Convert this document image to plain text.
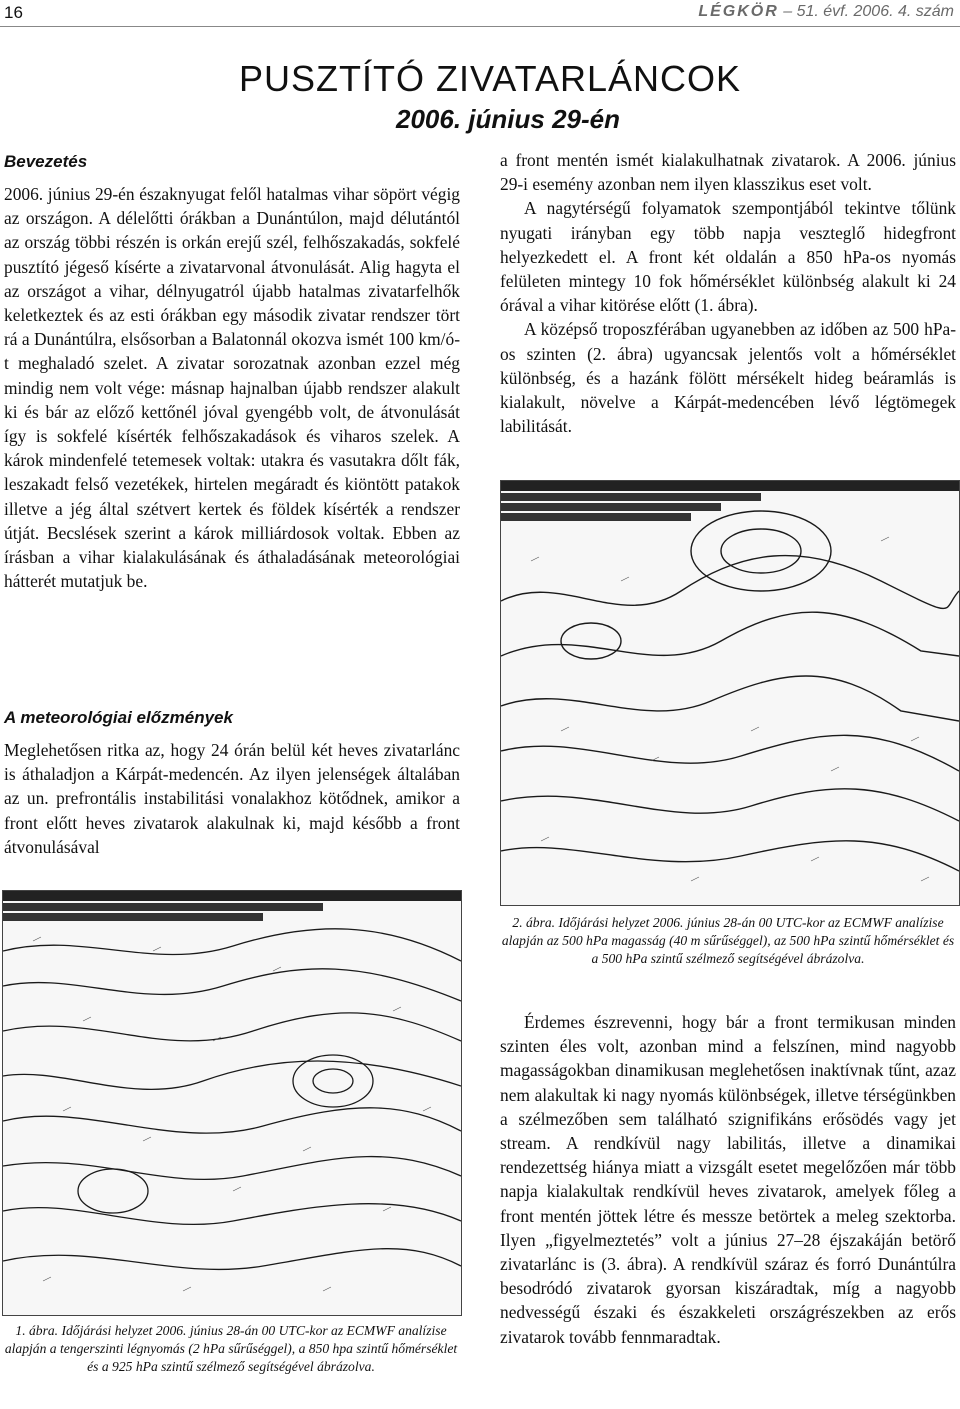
16	LÉGKÖR – 51. évf. 2006. 4. szám
PUSZTÍTÓ ZIVATARLÁNCOK
2006. június 29-én
Bevezetés

2006. június 29-én északnyugat felől hatalmas vihar söpört végig az országon. A délelőtti órákban a Dunántúlon, majd délutántól az ország többi részén is orkán erejű szél, felhőszakadás, sokfelé pusztító jégeső kísérte a zivatarvonal átvonulását. Alig hagyta el az országot a vihar, délnyugatról újabb hatalmas zivatarfelhők keletkeztek és az esti órákban egy második zivatar rendszer tört rá a Dunántúlra, elsősorban a Balatonnál okozva ismét 100 km/ó-t meghaladó szelet. A zivatar sorozatnak azonban ezzel még mindig nem volt vége: másnap hajnalban újabb rendszer alakult ki és bár az előző kettőnél jóval gyengébb volt, de átvonulását így is sokfelé kísérték felhőszakadások és viharos szelek. A károk mindenfelé tetemesek voltak: utakra és vasutakra dőlt fák, leszakadt felső vezetékek, hirtelen megáradt és kiöntött patakok illetve a jég által szétvert kertek és földek kísérték a rendszer útját. Becslések szerint a károk milliárdosok voltak. Ebben az írásban a vihar kialakulásának és áthaladásának meteorológiai hátterét mutatjuk be.

A meteorológiai előzmények

Meglehetősen ritka az, hogy 24 órán belül két heves zivatarlánc is áthaladjon a Kárpát-medencén. Az ilyen jelenségek általában az un. prefrontális instabilitási vonalakhoz kötődnek, amikor a front előtt heves zivatarok alakulnak ki, majd később a front átvonulásával

1. ábra. Időjárási helyzet 2006. június 28-án 00 UTC-kor az ECMWF analízise alapján a tengerszinti légnyomás (2 hPa sűrűséggel), a 850 hpa szintű hőmérséklet és a 925 hPa szintű szélmező segítségével ábrázolva.

a front mentén ismét kialakulhatnak zivatarok. A 2006. június 29-i esemény azonban nem ilyen klasszikus eset volt.

A nagytérségű folyamatok szempontjából tekintve tőlünk nyugati irányban egy több napja veszteglő hidegfront helyezkedett el. A front két oldalán a 850 hPa-os nyomás felületen mintegy 10 fok hőmérséklet különbség alakult ki 24 órával a vihar kitörése előtt (1. ábra).

A középső troposzférában ugyanebben az időben az 500 hPa-os szinten (2. ábra) ugyancsak jelentős volt a hőmérséklet különbség, és a hazánk fölött mérsékelt hideg beáramlás is kialakult, növelve a Kárpát-medencében lévő légtömegek labilitását.

2. ábra. Időjárási helyzet 2006. június 28-án 00 UTC-kor az ECMWF analízise alapján az 500 hPa magasság (40 m sűrűséggel), az 500 hPa szintű hőmérséklet és a 500 hPa szintű szélmező segítségével ábrázolva.

Érdemes észrevenni, hogy bár a front termikusan minden szinten éles volt, azonban mind a felszínen, mind nagyobb magasságokban dinamikusan meglehetősen inaktívnak tűnt, azaz nem alakultak ki nagy nyomás különbségek, illetve térségünkben a szélmezőben sem található szignifikáns erősödés vagy jet stream. A rendkívül nagy labilitás, illetve a dinamikai rendezettség hiánya miatt a vizsgált esetet megelőzően már több napja kialakultak rendkívül heves zivatarok, amelyek főleg a front mentén jöttek létre és messze betörtek a meleg szektorba. Ilyen „figyelmeztetés” volt a június 27–28 éjszakáján betörő zivatarlánc is (3. ábra). A rendkívül száraz és forró Dunántúlra besodródó zivatarok gyorsan kiszáradtak, míg a nagyobb nedvességű északi és északkeleti országrészekben az erős zivatarok tovább fennmaradtak.
